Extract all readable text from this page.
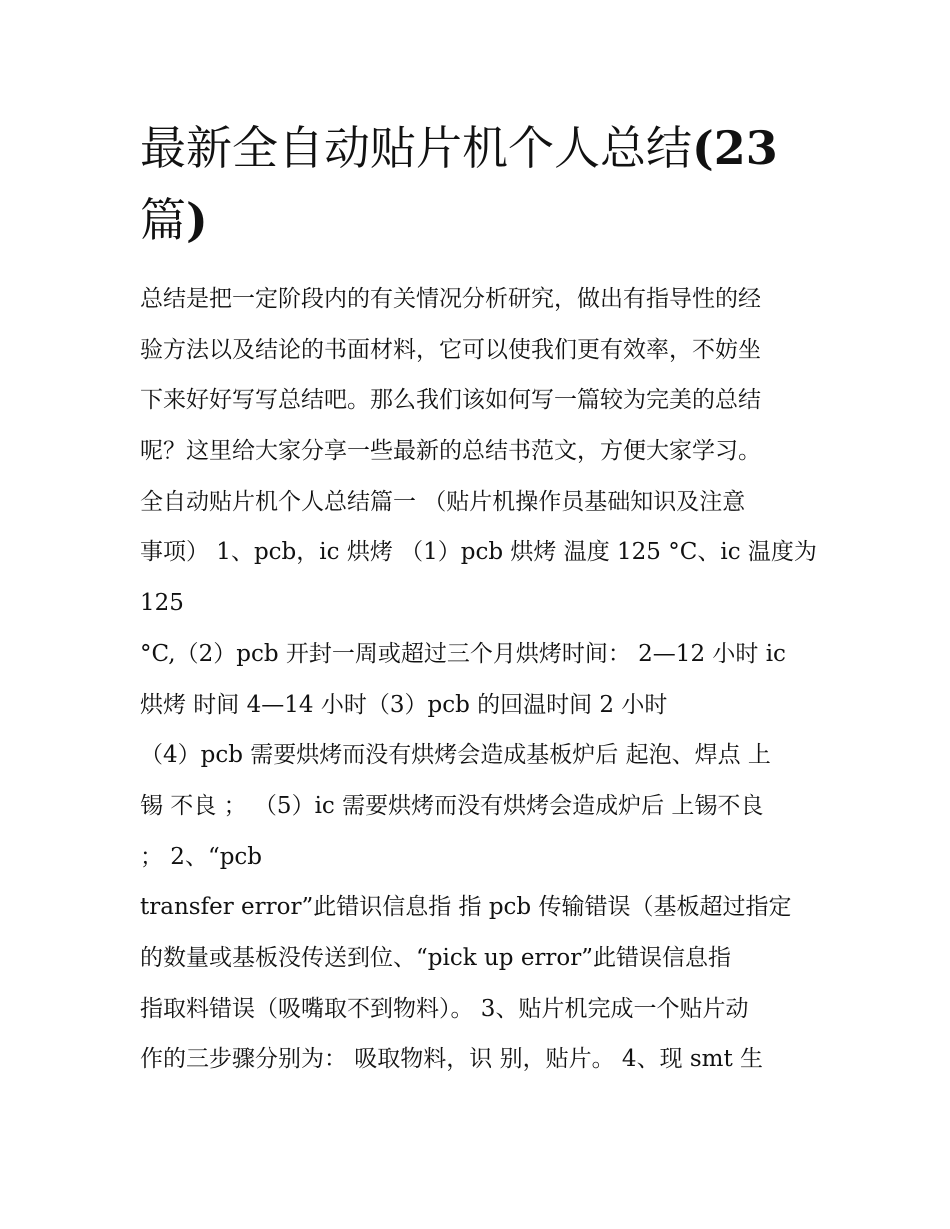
最新全自动贴片机个人总结(23
篇)
总结是把一定阶段内的有关情况分析研究，做出有指导性的经
验方法以及结论的书面材料，它可以使我们更有效率，不妨坐
下来好好写写总结吧。那么我们该如何写一篇较为完美的总结
呢？这里给大家分享一些最新的总结书范文，方便大家学习。
全自动贴片机个人总结篇一 （贴片机操作员基础知识及注意
事项） 1、pcb，ic 烘烤 （1）pcb 烘烤 温度 125 °C、ic 温度为
125
°C,（2）pcb 开封一周或超过三个月烘烤时间： 2—12 小时 ic
烘烤 时间 4—14 小时（3）pcb 的回温时间 2 小时
（4）pcb 需要烘烤而没有烘烤会造成基板炉后 起泡、焊点 上
锡 不良 ； （5）ic 需要烘烤而没有烘烤会造成炉后 上锡不良
； 2、“pcb
transfer error”此错识信息指 指 pcb 传输错误（基板超过指定
的数量或基板没传送到位、“pick up error”此错误信息指
指取料错误（吸嘴取不到物料）。 3、贴片机完成一个贴片动
作的三步骤分别为： 吸取物料，识 别，贴片。 4、现 smt 生
